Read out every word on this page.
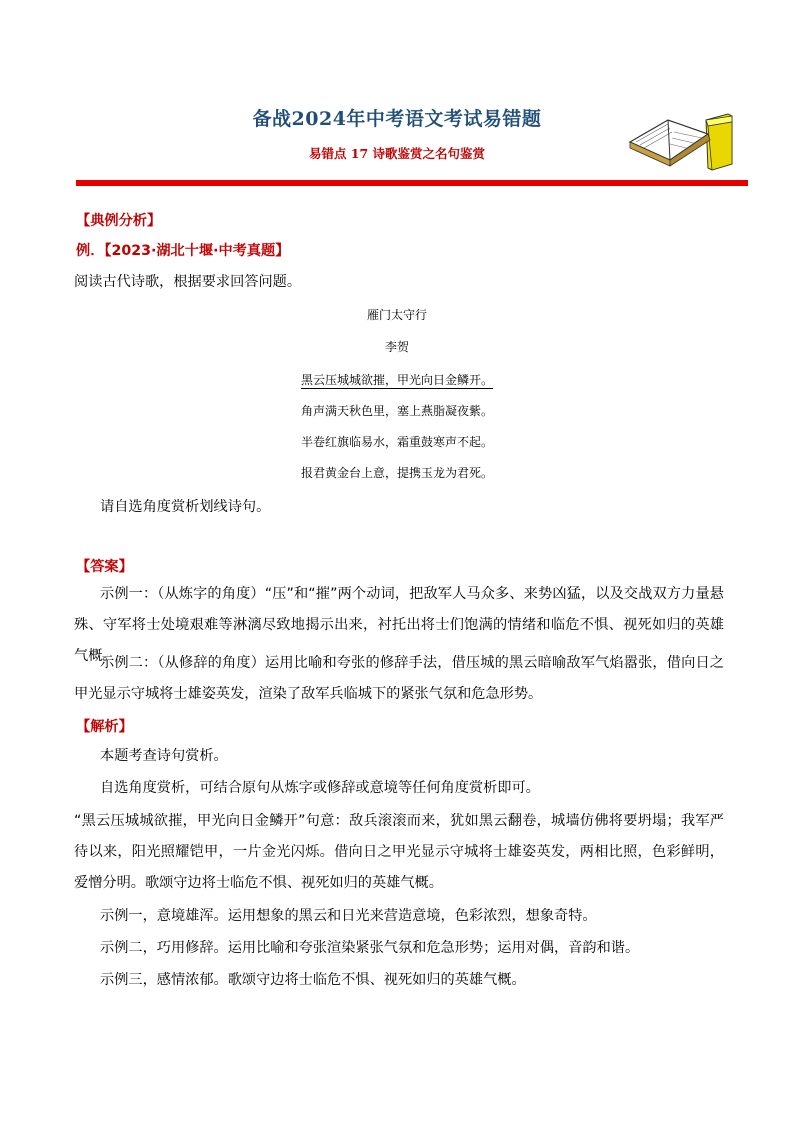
备战2024年中考语文考试易错题
易错点 17 诗歌鉴赏之名句鉴赏
【典例分析】
例．【2023·湖北十堰·中考真题】
阅读古代诗歌，根据要求回答问题。
雁门太守行
李贺
黑云压城城欲摧，甲光向日金鳞开。
角声满天秋色里，塞上燕脂凝夜紫。
半卷红旗临易水，霜重鼓寒声不起。
报君黄金台上意，提携玉龙为君死。
请自选角度赏析划线诗句。
【答案】
示例一：（从炼字的角度）“压”和“摧”两个动词，把敌军人马众多、来势凶猛，以及交战双方力量悬殊、守军将士处境艰难等淋漓尽致地揭示出来，衬托出将士们饱满的情绪和临危不惧、视死如归的英雄气概。
示例二：（从修辞的角度）运用比喻和夸张的修辞手法，借压城的黑云暗喻敌军气焰嚣张，借向日之甲光显示守城将士雄姿英发，渲染了敌军兵临城下的紧张气氛和危急形势。
【解析】
本题考查诗句赏析。
自选角度赏析，可结合原句从炼字或修辞或意境等任何角度赏析即可。
“黑云压城城欲摧，甲光向日金鳞开”句意：敌兵滚滚而来，犹如黑云翻卷，城墙仿佛将要坍塌；我军严待以来，阳光照耀铠甲，一片金光闪烁。借向日之甲光显示守城将士雄姿英发，两相比照，色彩鲜明，爱憎分明。歌颂守边将士临危不惧、视死如归的英雄气概。
示例一，意境雄浑。运用想象的黑云和日光来营造意境，色彩浓烈，想象奇特。
示例二，巧用修辞。运用比喻和夸张渲染紧张气氛和危急形势；运用对偶，音韵和谐。
示例三，感情浓郁。歌颂守边将士临危不惧、视死如归的英雄气概。
